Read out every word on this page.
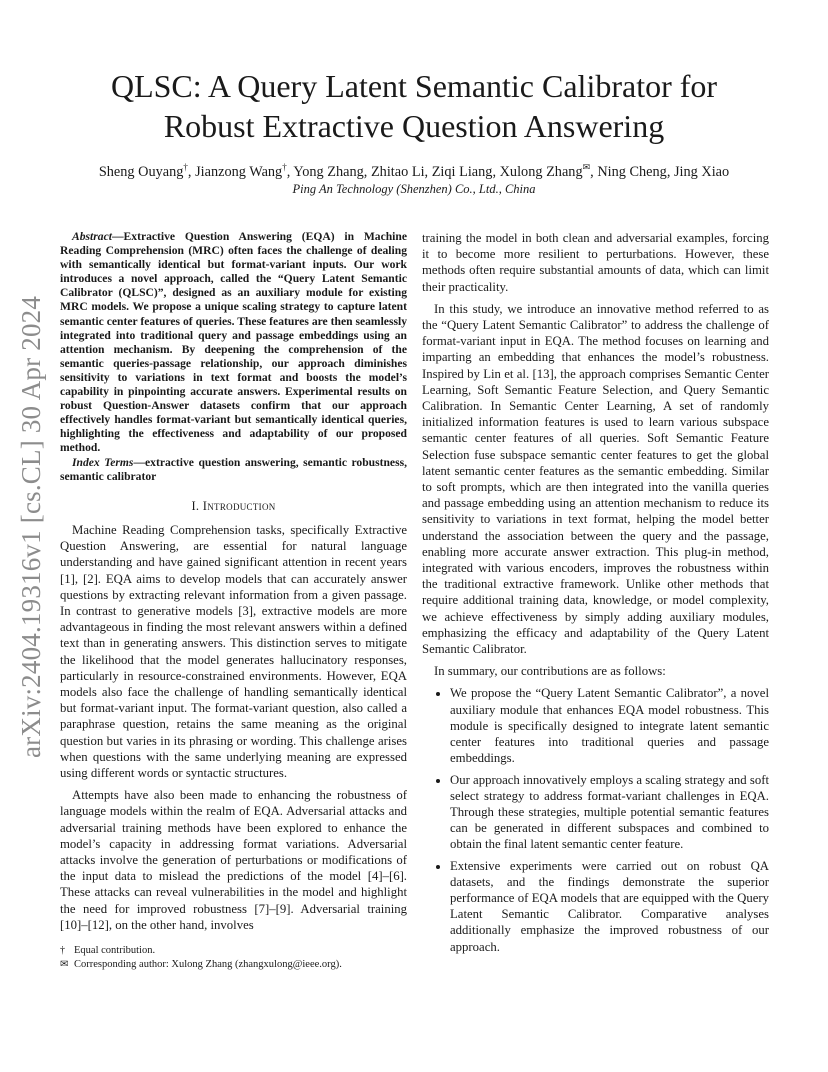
arXiv:2404.19316v1 [cs.CL] 30 Apr 2024
QLSC: A Query Latent Semantic Calibrator for
Robust Extractive Question Answering
Sheng Ouyang†, Jianzong Wang†, Yong Zhang, Zhitao Li, Ziqi Liang, Xulong Zhang✉, Ning Cheng, Jing Xiao
Ping An Technology (Shenzhen) Co., Ltd., China

Abstract—Extractive Question Answering (EQA) in Machine Reading Comprehension (MRC) often faces the challenge of dealing with semantically identical but format-variant inputs. Our work introduces a novel approach, called the “Query Latent Semantic Calibrator (QLSC)”, designed as an auxiliary module for existing MRC models. We propose a unique scaling strategy to capture latent semantic center features of queries. These features are then seamlessly integrated into traditional query and passage embeddings using an attention mechanism. By deepening the comprehension of the semantic queries-passage relationship, our approach diminishes sensitivity to variations in text format and boosts the model’s capability in pinpointing accurate answers. Experimental results on robust Question-Answer datasets confirm that our approach effectively handles format-variant but semantically identical queries, highlighting the effectiveness and adaptability of our proposed method.

Index Terms—extractive question answering, semantic robustness, semantic calibrator

I. Introduction

Machine Reading Comprehension tasks, specifically Extractive Question Answering, are essential for natural language understanding and have gained significant attention in recent years [1], [2]. EQA aims to develop models that can accurately answer questions by extracting relevant information from a given passage. In contrast to generative models [3], extractive models are more advantageous in finding the most relevant answers within a defined text than in generating answers. This distinction serves to mitigate the likelihood that the model generates hallucinatory responses, particularly in resource-constrained environments. However, EQA models also face the challenge of handling semantically identical but format-variant input. The format-variant question, also called a paraphrase question, retains the same meaning as the original question but varies in its phrasing or wording. This challenge arises when questions with the same underlying meaning are expressed using different words or syntactic structures.

Attempts have also been made to enhancing the robustness of language models within the realm of EQA. Adversarial attacks and adversarial training methods have been explored to enhance the model’s capacity in addressing format variations. Adversarial attacks involve the generation of perturbations or modifications of the input data to mislead the predictions of the model [4]–[6]. These attacks can reveal vulnerabilities in the model and highlight the need for improved robustness [7]–[9]. Adversarial training [10]–[12], on the other hand, involves

training the model in both clean and adversarial examples, forcing it to become more resilient to perturbations. However, these methods often require substantial amounts of data, which can limit their practicality.

In this study, we introduce an innovative method referred to as the “Query Latent Semantic Calibrator” to address the challenge of format-variant input in EQA. The method focuses on learning and imparting an embedding that enhances the model’s robustness. Inspired by Lin et al. [13], the approach comprises Semantic Center Learning, Soft Semantic Feature Selection, and Query Semantic Calibration. In Semantic Center Learning, A set of randomly initialized information features is used to learn various subspace semantic center features of all queries. Soft Semantic Feature Selection fuse subspace semantic center features to get the global latent semantic center features as the semantic embedding. Similar to soft prompts, which are then integrated into the vanilla queries and passage embedding using an attention mechanism to reduce its sensitivity to variations in text format, helping the model better understand the association between the query and the passage, enabling more accurate answer extraction. This plug-in method, integrated with various encoders, improves the robustness within the traditional extractive framework. Unlike other methods that require additional training data, knowledge, or model complexity, we achieve effectiveness by simply adding auxiliary modules, emphasizing the efficacy and adaptability of the Query Latent Semantic Calibrator.

In summary, our contributions are as follows:

• We propose the “Query Latent Semantic Calibrator”, a novel auxiliary module that enhances EQA model robustness. This module is specifically designed to integrate latent semantic center features into traditional queries and passage embeddings.
• Our approach innovatively employs a scaling strategy and soft select strategy to address format-variant challenges in EQA. Through these strategies, multiple potential semantic features can be generated in different subspaces and combined to obtain the final latent semantic center feature.
• Extensive experiments were carried out on robust QA datasets, and the findings demonstrate the superior performance of EQA models that are equipped with the Query Latent Semantic Calibrator. Comparative analyses additionally emphasize the improved robustness of our approach.
† Equal contribution.
✉ Corresponding author: Xulong Zhang (zhangxulong@ieee.org).
